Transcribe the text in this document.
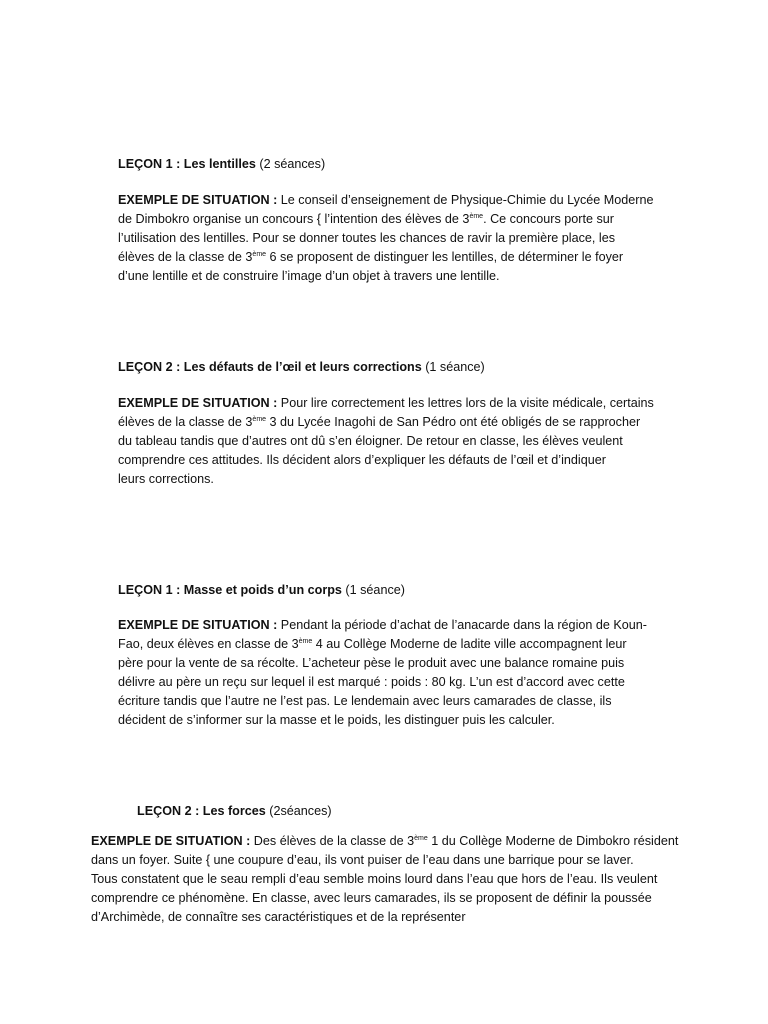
LEÇON 1 : Les lentilles (2 séances)
EXEMPLE DE SITUATION : Le conseil d’enseignement de Physique-Chimie du Lycée Moderne
de Dimbokro organise un concours { l’intention des élèves de 3ème. Ce concours porte sur
l’utilisation des lentilles. Pour se donner toutes les chances de ravir la première place, les
élèves de la classe de 3ème 6 se proposent de distinguer les lentilles, de déterminer le foyer
d’une lentille et de construire l’image d’un objet à travers une lentille.
LEÇON 2 : Les défauts de l’œil et leurs corrections (1 séance)
EXEMPLE DE SITUATION : Pour lire correctement les lettres lors de la visite médicale, certains
élèves de la classe de 3ème 3 du Lycée Inagohi de San Pédro ont été obligés de se rapprocher
du tableau tandis que d’autres ont dû s’en éloigner. De retour en classe, les élèves veulent
comprendre ces attitudes. Ils décident alors d’expliquer les défauts de l’œil et d’indiquer
leurs corrections.
LEÇON 1 : Masse et poids d’un corps (1 séance)
EXEMPLE DE SITUATION : Pendant la période d’achat de l’anacarde dans la région de Koun-
Fao, deux élèves en classe de 3ème 4 au Collège Moderne de ladite ville accompagnent leur
père pour la vente de sa récolte. L’acheteur pèse le produit avec une balance romaine puis
délivre au père un reçu sur lequel il est marqué : poids : 80 kg. L’un est d’accord avec cette
écriture tandis que l’autre ne l’est pas. Le lendemain avec leurs camarades de classe, ils
décident de s’informer sur la masse et le poids, les distinguer puis les calculer.
LEÇON 2 : Les forces (2séances)
EXEMPLE DE SITUATION : Des élèves de la classe de 3ème 1 du Collège Moderne de Dimbokro résident
dans un foyer. Suite { une coupure d’eau, ils vont puiser de l’eau dans une barrique pour se laver.
Tous constatent que le seau rempli d’eau semble moins lourd dans l’eau que hors de l’eau. Ils veulent
comprendre ce phénomène. En classe, avec leurs camarades, ils se proposent de définir la poussée
d’Archimède, de connaître ses caractéristiques et de la représenter
